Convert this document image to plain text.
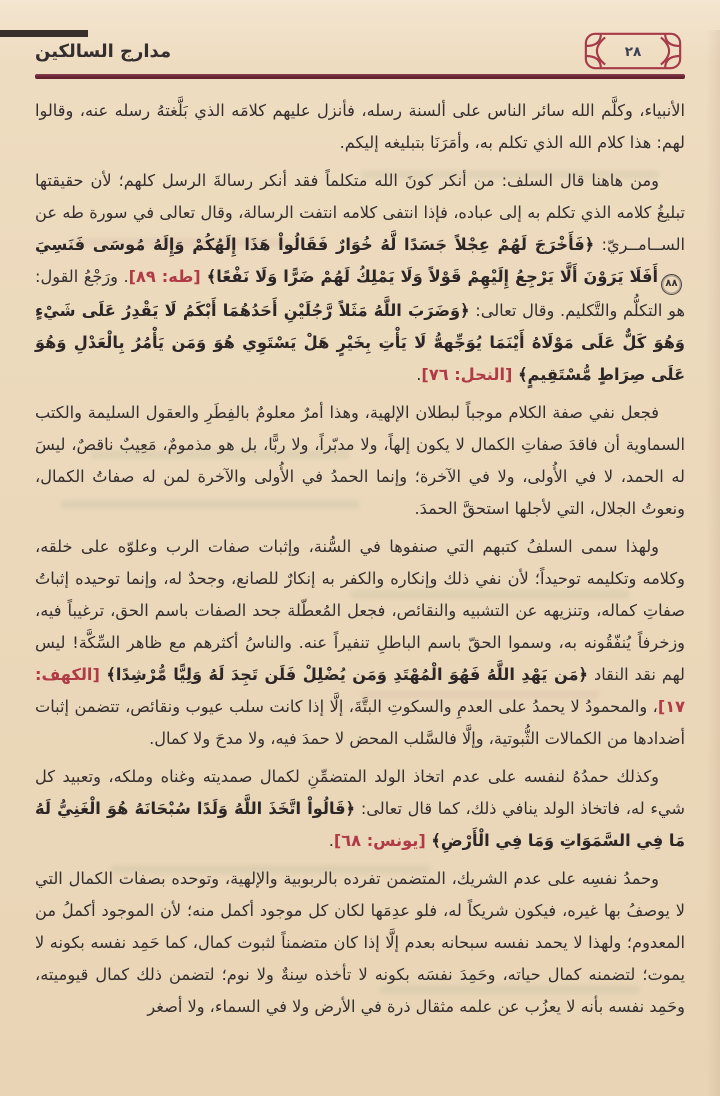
مدارج السالكين	٢٨

الأنبياء، وكلَّم الله سائر الناس على ألسنة رسله، فأنزل عليهم كلامَه الذي بَلَّغتهُ رسله عنه، وقالوا لهم: هذا كلام الله الذي تكلم به، وأمَرَنَا بتبليغه إليكم.

ومن هاهنا قال السلف: من أنكر كونَ الله متكلماً فقد أنكر رسالةَ الرسل كلهم؛ لأن حقيقتها تبليغُ كلامه الذي تكلم به إلى عباده، فإذا انتفى كلامه انتفت الرسالة، وقال تعالى في سورة طه عن الســامــريّ: ﴿فَأَخْرَجَ لَهُمْ عِجْلاً جَسَدًا لَّهُ خُوَارٌ فَقَالُواْ هَذَا إِلَهُكُمْ وَإِلَهُ مُوسَى فَنَسِيَ٨٨أَفَلَا يَرَوْنَ أَلَّا يَرْجِعُ إِلَيْهِمْ قَوْلاً وَلَا يَمْلِكُ لَهُمْ ضَرًّا وَلَا نَفْعًا﴾ [طه: ٨٩]. ورَجْعُ القول: هو التكلُّم والتَّكليم. وقال تعالى: ﴿وَضَرَبَ اللَّهُ مَثَلاً رَّجُلَيْنِ أَحَدُهُمَا أَبْكَمُ لَا يَقْدِرُ عَلَى شَيْءٍ وَهُوَ كَلٌّ عَلَى مَوْلَاهُ أَيْنَمَا يُوَجِّههُّ لَا يَأْتِ بِخَيْرٍ هَلْ يَسْتَوِي هُوَ وَمَن يَأْمُرُ بِالْعَدْلِ وَهُوَ عَلَى صِرَاطٍ مُّسْتَقِيمٍ﴾ [النحل: ٧٦].

فجعل نفي صفة الكلام موجباً لبطلان الإلهية، وهذا أمرٌ معلومٌ بالفِطَرِ والعقول السليمة والكتب السماوية أن فاقدَ صفاتِ الكمال لا يكون إلهاً، ولا مدبّراً، ولا ربًّا، بل هو مذمومٌ، مَعِيبٌ ناقصٌ، ليسَ له الحمد، لا في الأُولى، ولا في الآخرة؛ وإنما الحمدُ في الأُولى والآخرة لمن له صفاتُ الكمال، ونعوتُ الجلال، التي لأجلها استحقَّ الحمدَ.

ولهذا سمى السلفُ كتبهم التي صنفوها في السُّنة، وإثبات صفات الرب وعلوّه على خلقه، وكلامه وتكليمه توحيداً؛ لأن نفي ذلك وإنكاره والكفر به إنكارٌ للصانع، وجحدٌ له، وإنما توحيده إثباتُ صفاتِ كماله، وتنزيهه عن التشبيه والنقائص، فجعل المُعطّلة جحد الصفات باسم الحق، ترغيباً فيه، وزخرفاً يُنفّقُونه به، وسموا الحقّ باسم الباطلِ تنفيراً عنه. والناسُ أكثرهم مع ظاهر السِّكَّة! ليس لهم نقد النقاد ﴿مَن يَهْدِ اللَّهُ فَهُوَ الْمُهْتَدِ وَمَن يُضْلِلْ فَلَن تَجِدَ لَهُ وَلِيًّا مُّرْشِدًا﴾ [الكهف: ١٧]، والمحمودُ لا يحمدُ على العدمِ والسكوتِ البتَّةَ، إلَّا إذا كانت سلب عيوب ونقائص، تتضمن إثبات أضدادها من الكمالات الثُّبوتية، وإلَّا فالسَّلب المحض لا حمدَ فيه، ولا مدحَ ولا كمال.

وكذلك حمدُهُ لنفسه على عدم اتخاذ الولد المتضمِّنِ لكمال صمديته وغناه وملكه، وتعبيد كل شيء له، فاتخاذ الولد ينافي ذلك، كما قال تعالى: ﴿قَالُواْ اتَّخَذَ اللَّهُ وَلَدًا سُبْحَانَهُ هُوَ الْغَنِيُّ لَهُ مَا فِي السَّمَوَاتِ وَمَا فِي الْأَرْضِ﴾ [يونس: ٦٨].

وحمدُ نفسِه على عدم الشريك، المتضمن تفرده بالربوبية والإلهية، وتوحده بصفات الكمال التي لا يوصفُ بها غيره، فيكون شريكاً له، فلو عدِمَها لكان كل موجود أكمل منه؛ لأن الموجود أكملُ من المعدوم؛ ولهذا لا يحمد نفسه سبحانه بعدم إلَّا إذا كان متضمناً لثبوت كمال، كما حَمِد نفسه بكونه لا يموت؛ لتضمنه كمال حياته، وحَمِدَ نفسَه بكونه لا تأخذه سِنةٌ ولا نوم؛ لتضمن ذلك كمال قيوميته، وحَمِد نفسه بأنه لا يعزُب عن علمه مثقال ذرة في الأرض ولا في السماء، ولا أصغر
